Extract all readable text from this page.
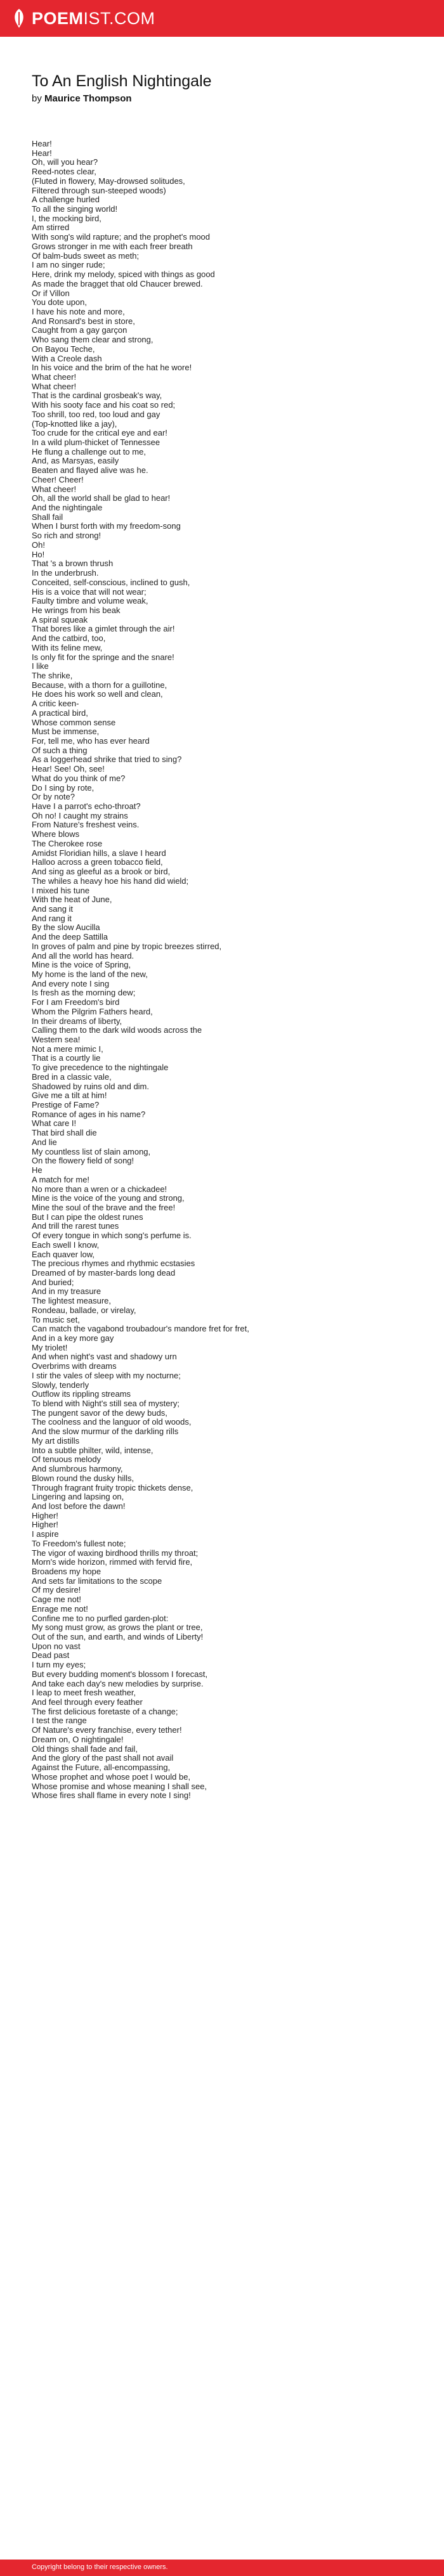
POEMIST.COM
To An English Nightingale
by Maurice Thompson
Hear!
Hear!
Oh, will you hear?
Reed-notes clear,
(Fluted in flowery, May-drowsed solitudes,
Filtered through sun-steeped woods)
A challenge hurled
To all the singing world!
I, the mocking bird,
Am stirred
With song's wild rapture; and the prophet's mood
Grows stronger in me with each freer breath
Of balm-buds sweet as meth;
I am no singer rude;
Here, drink my melody, spiced with things as good
As made the bragget that old Chaucer brewed.
Or if Villon
You dote upon,
I have his note and more,
And Ronsard's best in store,
Caught from a gay garçon
Who sang them clear and strong,
On Bayou Teche,
With a Creole dash
In his voice and the brim of the hat he wore!
What cheer!
What cheer!
That is the cardinal grosbeak's way,
With his sooty face and his coat so red;
Too shrill, too red, too loud and gay
(Top-knotted like a jay),
Too crude for the critical eye and ear!
In a wild plum-thicket of Tennessee
He flung a challenge out to me,
And, as Marsyas, easily
Beaten and flayed alive was he.
Cheer! Cheer!
What cheer!
Oh, all the world shall be glad to hear!
And the nightingale
Shall fail
When I burst forth with my freedom-song
So rich and strong!
Oh!
Ho!
That 's a brown thrush
In the underbrush.
Conceited, self-conscious, inclined to gush,
His is a voice that will not wear;
Faulty timbre and volume weak,
He wrings from his beak
A spiral squeak
That bores like a gimlet through the air!
And the catbird, too,
With its feline mew,
Is only fit for the springe and the snare!
I like
The shrike,
Because, with a thorn for a guillotine,
He does his work so well and clean,
A critic keen-
A practical bird,
Whose common sense
Must be immense,
For, tell me, who has ever heard
Of such a thing
As a loggerhead shrike that tried to sing?
Hear! See! Oh, see!
What do you think of me?
Do I sing by rote,
Or by note?
Have I a parrot's echo-throat?
Oh no! I caught my strains
From Nature's freshest veins.
Where blows
The Cherokee rose
Amidst Floridian hills, a slave I heard
Halloo across a green tobacco field,
And sing as gleeful as a brook or bird,
The whiles a heavy hoe his hand did wield;
I mixed his tune
With the heat of June,
And sang it
And rang it
By the slow Aucilla
And the deep Sattilla
In groves of palm and pine by tropic breezes stirred,
And all the world has heard.
Mine is the voice of Spring,
My home is the land of the new,
And every note I sing
Is fresh as the morning dew;
For I am Freedom's bird
Whom the Pilgrim Fathers heard,
In their dreams of liberty,
Calling them to the dark wild woods across the
Western sea!
Not a mere mimic I,
That is a courtly lie
To give precedence to the nightingale
Bred in a classic vale,
Shadowed by ruins old and dim.
Give me a tilt at him!
Prestige of Fame?
Romance of ages in his name?
What care I!
That bird shall die
And lie
My countless list of slain among,
On the flowery field of song!
He
A match for me!
No more than a wren or a chickadee!
Mine is the voice of the young and strong,
Mine the soul of the brave and the free!
But I can pipe the oldest runes
And trill the rarest tunes
Of every tongue in which song's perfume is.
Each swell I know,
Each quaver low,
The precious rhymes and rhythmic ecstasies
Dreamed of by master-bards long dead
And buried;
And in my treasure
The lightest measure,
Rondeau, ballade, or virelay,
To music set,
Can match the vagabond troubadour's mandore fret for fret,
And in a key more gay
My triolet!
And when night's vast and shadowy urn
Overbrims with dreams
I stir the vales of sleep with my nocturne;
Slowly, tenderly
Outflow its rippling streams
To blend with Night's still sea of mystery;
The pungent savor of the dewy buds,
The coolness and the languor of old woods,
And the slow murmur of the darkling rills
My art distills
Into a subtle philter, wild, intense,
Of tenuous melody
And slumbrous harmony,
Blown round the dusky hills,
Through fragrant fruity tropic thickets dense,
Lingering and lapsing on,
And lost before the dawn!
Higher!
Higher!
I aspire
To Freedom's fullest note;
The vigor of waxing birdhood thrills my throat;
Morn's wide horizon, rimmed with fervid fire,
Broadens my hope
And sets far limitations to the scope
Of my desire!
Cage me not!
Enrage me not!
Confine me to no purfled garden-plot:
My song must grow, as grows the plant or tree,
Out of the sun, and earth, and winds of Liberty!
Upon no vast
Dead past
I turn my eyes;
But every budding moment's blossom I forecast,
And take each day's new melodies by surprise.
I leap to meet fresh weather,
And feel through every feather
The first delicious foretaste of a change;
I test the range
Of Nature's every franchise, every tether!
Dream on, O nightingale!
Old things shall fade and fail,
And the glory of the past shall not avail
Against the Future, all-encompassing,
Whose prophet and whose poet I would be,
Whose promise and whose meaning I shall see,
Whose fires shall flame in every note I sing!
Copyright belong to their respective owners.
